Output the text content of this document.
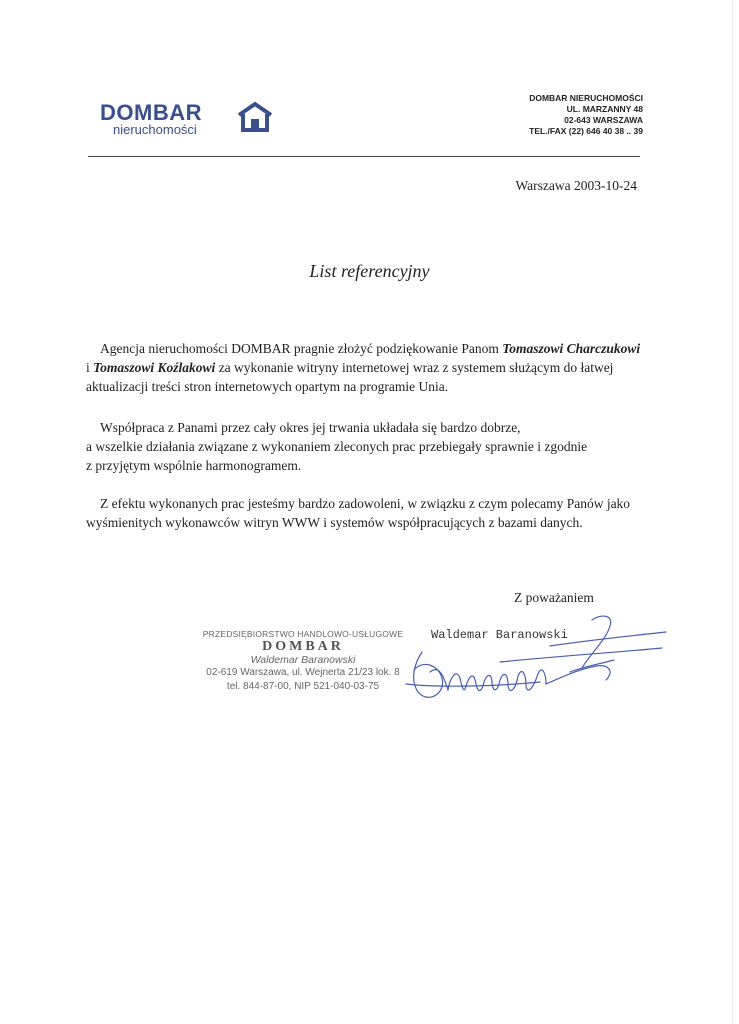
DOMBAR
nieruchomości
DOMBAR NIERUCHOMOŚCI
UL. MARZANNY 48
02-643 WARSZAWA
TEL./FAX (22) 646 40 38 .. 39
Warszawa 2003-10-24
List referencyjny
Agencja nieruchomości DOMBAR pragnie złożyć podziękowanie Panom Tomaszowi Charczukowi i Tomaszowi Koźlakowi za wykonanie witryny internetowej wraz z systemem służącym do łatwej aktualizacji treści stron internetowych opartym na programie Unia.
Współpraca z Panami przez cały okres jej trwania układała się bardzo dobrze,
a wszelkie działania związane z wykonaniem zleconych prac przebiegały sprawnie i zgodnie
z przyjętym wspólnie harmonogramem.
Z efektu wykonanych prac jesteśmy bardzo zadowoleni, w związku z czym polecamy Panów jako wyśmienitych wykonawców witryn WWW i systemów współpracujących z bazami danych.
Z poważaniem
PRZEDSIĘBIORSTWO HANDLOWO-USŁUGOWE
DOMBAR
Waldemar Baranowski
02-619 Warszawa, ul. Wejnerta 21/23 lok. 8
tel. 844-87-00, NIP 521-040-03-75
Waldemar Baranowski
